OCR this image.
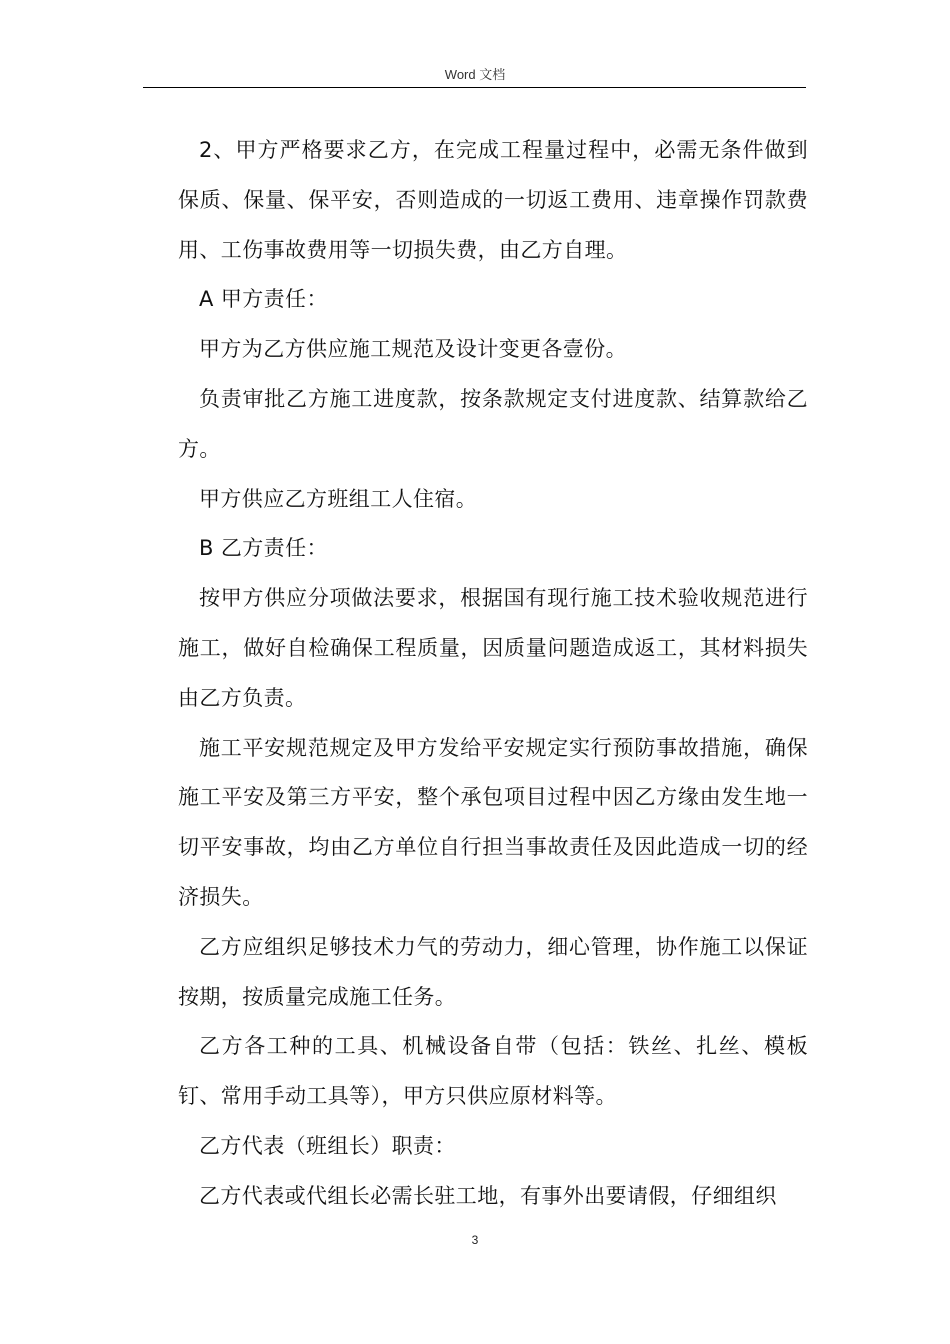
Word 文档

2、甲方严格要求乙方，在完成工程量过程中，必需无条件做到保质、保量、保平安，否则造成的一切返工费用、违章操作罚款费用、工伤事故费用等一切损失费，由乙方自理。

A 甲方责任：

甲方为乙方供应施工规范及设计变更各壹份。

负责审批乙方施工进度款，按条款规定支付进度款、结算款给乙方。

甲方供应乙方班组工人住宿。

B 乙方责任：

按甲方供应分项做法要求，根据国有现行施工技术验收规范进行施工，做好自检确保工程质量，因质量问题造成返工，其材料损失由乙方负责。

施工平安规范规定及甲方发给平安规定实行预防事故措施，确保施工平安及第三方平安，整个承包项目过程中因乙方缘由发生地一切平安事故，均由乙方单位自行担当事故责任及因此造成一切的经济损失。

乙方应组织足够技术力气的劳动力，细心管理，协作施工以保证按期，按质量完成施工任务。

乙方各工种的工具、机械设备自带（包括：铁丝、扎丝、模板钉、常用手动工具等），甲方只供应原材料等。

乙方代表（班组长）职责：

乙方代表或代组长必需长驻工地，有事外出要请假，仔细组织

3
